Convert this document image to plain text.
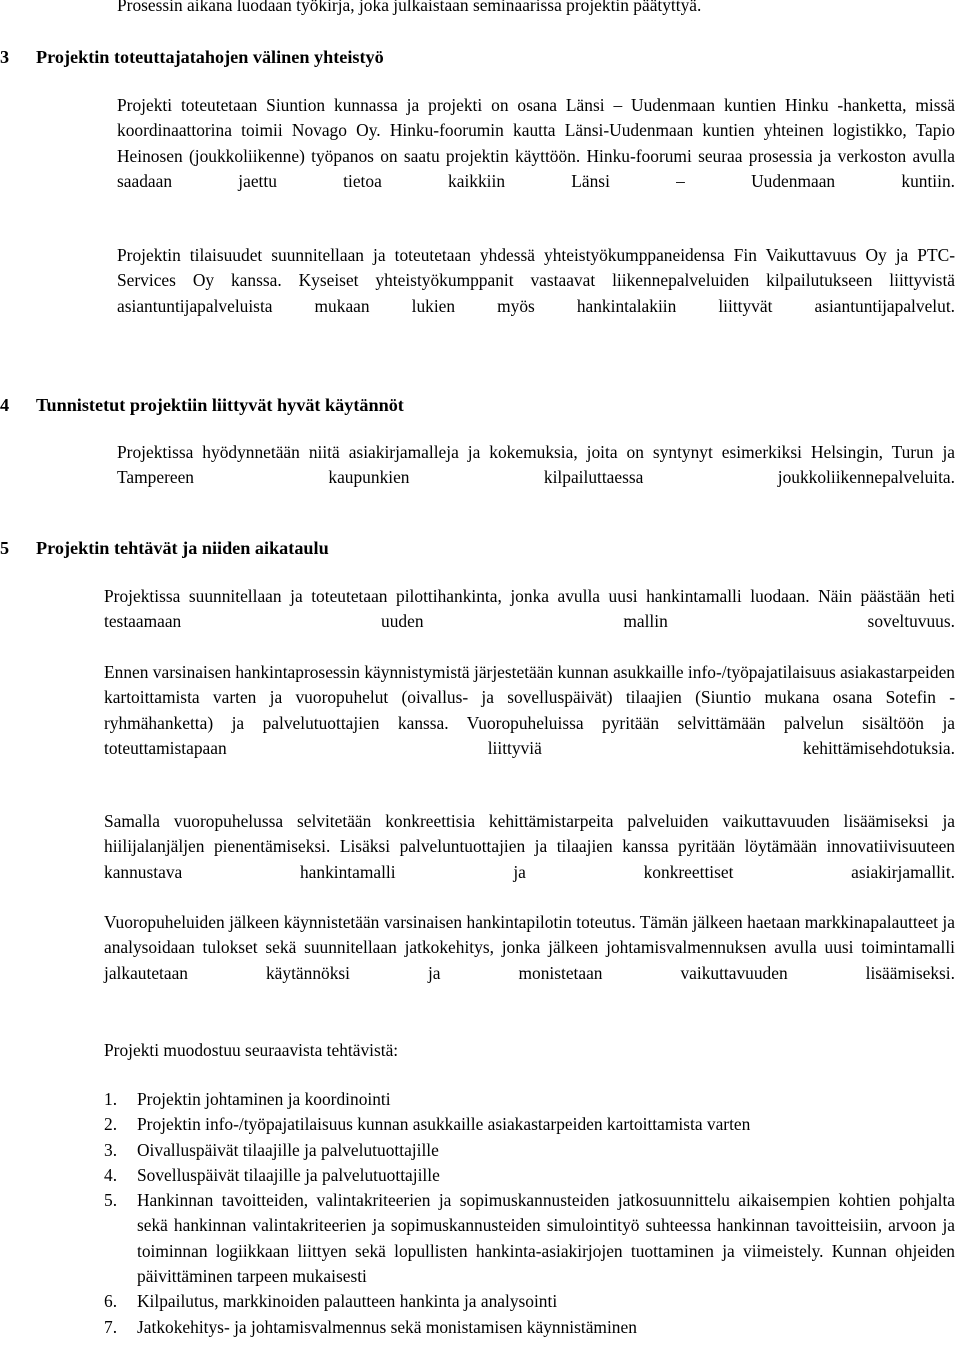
Prosessin aikana luodaan työkirja, joka julkaistaan seminaarissa projektin päätyttyä.

3 Projektin toteuttajatahojen välinen yhteistyö

Projekti toteutetaan Siuntion kunnassa ja projekti on osana Länsi – Uudenmaan kuntien Hinku -hanketta, missä koordinaattorina toimii Novago Oy. Hinku-foorumin kautta Länsi-Uudenmaan kuntien yhteinen logistikko, Tapio Heinosen (joukkoliikenne) työpanos on saatu projektin käyttöön. Hinku-foorumi seuraa prosessia ja verkoston avulla saadaan jaettu tietoa kaikkiin Länsi – Uudenmaan kuntiin.

Projektin tilaisuudet suunnitellaan ja toteutetaan yhdessä yhteistyökumppaneidensa Fin Vaikuttavuus Oy ja PTC-Services Oy kanssa. Kyseiset yhteistyökumppanit vastaavat liikennepalveluiden kilpailutukseen liittyvistä asiantuntijapalveluista mukaan lukien myös hankintalakiin liittyvät asiantuntijapalvelut.

4 Tunnistetut projektiin liittyvät hyvät käytännöt

Projektissa hyödynnetään niitä asiakirjamalleja ja kokemuksia, joita on syntynyt esimerkiksi Helsingin, Turun ja Tampereen kaupunkien kilpailuttaessa joukkoliikennepalveluita.

5 Projektin tehtävät ja niiden aikataulu

Projektissa suunnitellaan ja toteutetaan pilottihankinta, jonka avulla uusi hankintamalli luodaan. Näin päästään heti testaamaan uuden mallin soveltuvuus.

Ennen varsinaisen hankintaprosessin käynnistymistä järjestetään kunnan asukkaille info-/työpajatilaisuus asiakastarpeiden kartoittamista varten ja vuoropuhelut (oivallus- ja sovelluspäivät) tilaajien (Siuntio mukana osana Sotefin -ryhmähanketta) ja palvelutuottajien kanssa. Vuoropuheluissa pyritään selvittämään palvelun sisältöön ja toteuttamistapaan liittyviä kehittämisehdotuksia.

Samalla vuoropuhelussa selvitetään konkreettisia kehittämistarpeita palveluiden vaikuttavuuden lisäämiseksi ja hiilijalanjäljen pienentämiseksi. Lisäksi palveluntuottajien ja tilaajien kanssa pyritään löytämään innovatiivisuuteen kannustava hankintamalli ja konkreettiset asiakirjamallit.

Vuoropuheluiden jälkeen käynnistetään varsinaisen hankintapilotin toteutus. Tämän jälkeen haetaan markkinapalautteet ja analysoidaan tulokset sekä suunnitellaan jatkokehitys, jonka jälkeen johtamisvalmennuksen avulla uusi toimintamalli jalkautetaan käytännöksi ja monistetaan vaikuttavuuden lisäämiseksi.

Projekti muodostuu seuraavista tehtävistä:

1. Projektin johtaminen ja koordinointi
2. Projektin info-/työpajatilaisuus kunnan asukkaille asiakastarpeiden kartoittamista varten
3. Oivalluspäivät tilaajille ja palvelutuottajille
4. Sovelluspäivät tilaajille ja palvelutuottajille
5. Hankinnan tavoitteiden, valintakriteerien ja sopimuskannusteiden jatkosuunnittelu aikaisempien kohtien pohjalta sekä hankinnan valintakriteerien ja sopimuskannusteiden simulointityö suhteessa hankinnan tavoitteisiin, arvoon ja toiminnan logiikkaan liittyen sekä lopullisten hankinta-asiakirjojen tuottaminen ja viimeistely. Kunnan ohjeiden päivittäminen tarpeen mukaisesti
6. Kilpailutus, markkinoiden palautteen hankinta ja analysointi
7. Jatkokehitys- ja johtamisvalmennus sekä monistamisen käynnistäminen
